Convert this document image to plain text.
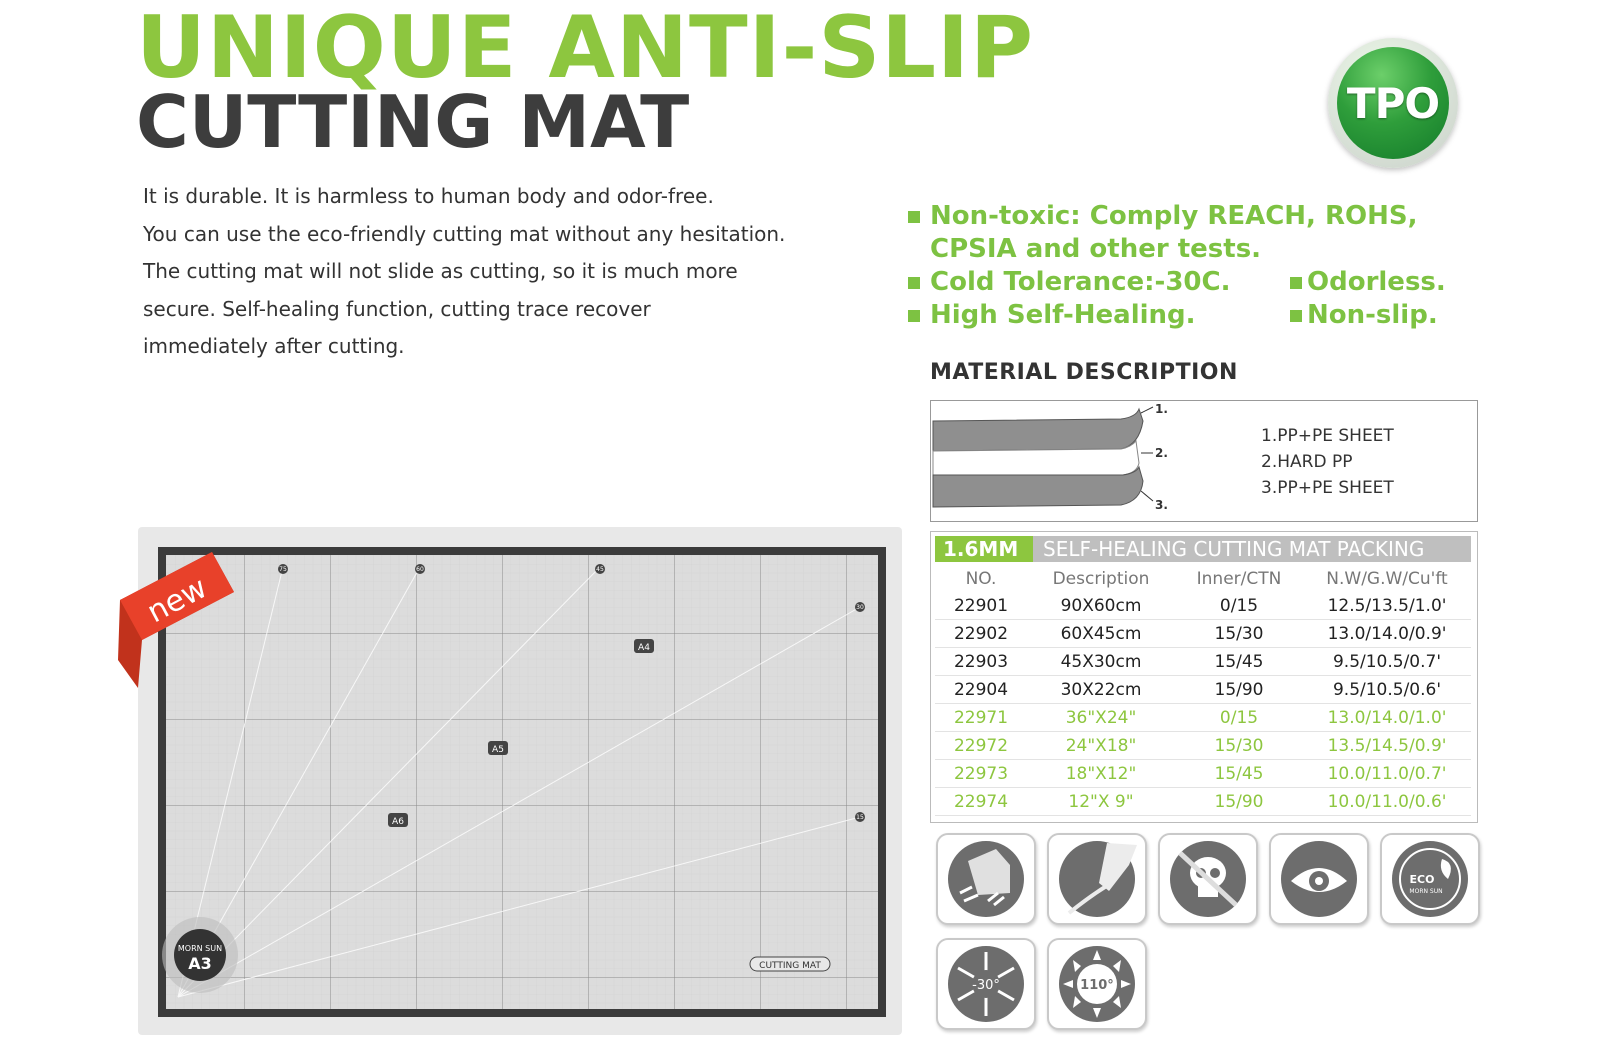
UNIQUE ANTI-SLIP
CUTTING MAT	TPO

It is durable. It is harmless to human body and odor-free.

You can use the eco-friendly cutting mat without any hesitation.

The cutting mat will not slide as cutting, so it is much more

secure. Self-healing function, cutting trace recover

immediately after cutting.

Non-toxic: Comply REACH, ROHS,
CPSIA and other tests.
Cold Tolerance:-30C.	Odorless.
High Self-Healing.	Non-slip.
MATERIAL DESCRIPTION
1.
2.
3.
1.PP+PE SHEET
2.HARD PP
3.PP+PE SHEET
1.6MM	SELF-HEALING CUTTING MAT PACKING
NO.	Description	Inner/CTN	N.W/G.W/Cu'ft
22901	90X60cm	0/15	12.5/13.5/1.0'
22902	60X45cm	15/30	13.0/14.0/0.9'
22903	45X30cm	15/45	9.5/10.5/0.7'
22904	30X22cm	15/90	9.5/10.5/0.6'
22971	36"X24"	0/15	13.0/14.0/1.0'
22972	24"X18"	15/30	13.5/14.5/0.9'
22973	18"X12"	15/45	10.0/11.0/0.7'
22974	12"X 9"	15/90	10.0/11.0/0.6'
75	60	45
30
15
A4
A5
A6
MORN SUN
A3	CUTTING MAT
new
ECO
MORN SUN
-30°	110°
